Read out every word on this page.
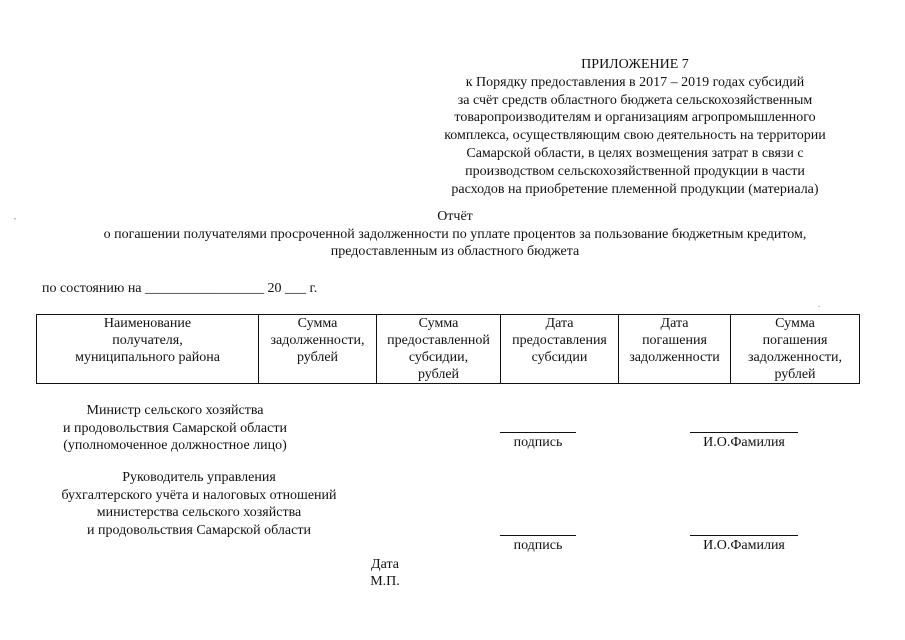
ПРИЛОЖЕНИЕ 7
к Порядку предоставления в 2017 – 2019 годах субсидий
за счёт средств областного бюджета сельскохозяйственным
товаропроизводителям и организациям агропромышленного
комплекса, осуществляющим свою деятельность на территории
Самарской области, в целях возмещения затрат в связи с
производством сельскохозяйственной продукции в части
расходов на приобретение племенной продукции (материала)
,
.
Отчёт
о погашении получателями просроченной задолженности по уплате процентов за пользование бюджетным кредитом,
предоставленным из областного бюджета
по состоянию на _________________ 20 ___ г.
Наименование
получателя,
муниципального района

Сумма
задолженности,
рублей

Сумма
предоставленной
субсидии,
рублей

Дата
предоставления
субсидии

Дата
погашения
задолженности

Сумма
погашения
задолженности,
рублей
Министр сельского хозяйства
и продовольствия Самарской области
(уполномоченное должностное лицо)	подпись	И.О.Фамилия
Руководитель управления
бухгалтерского учёта и налоговых отношений
министерства сельского хозяйства
и продовольствия Самарской области
подпись	И.О.Фамилия
Дата
М.П.
